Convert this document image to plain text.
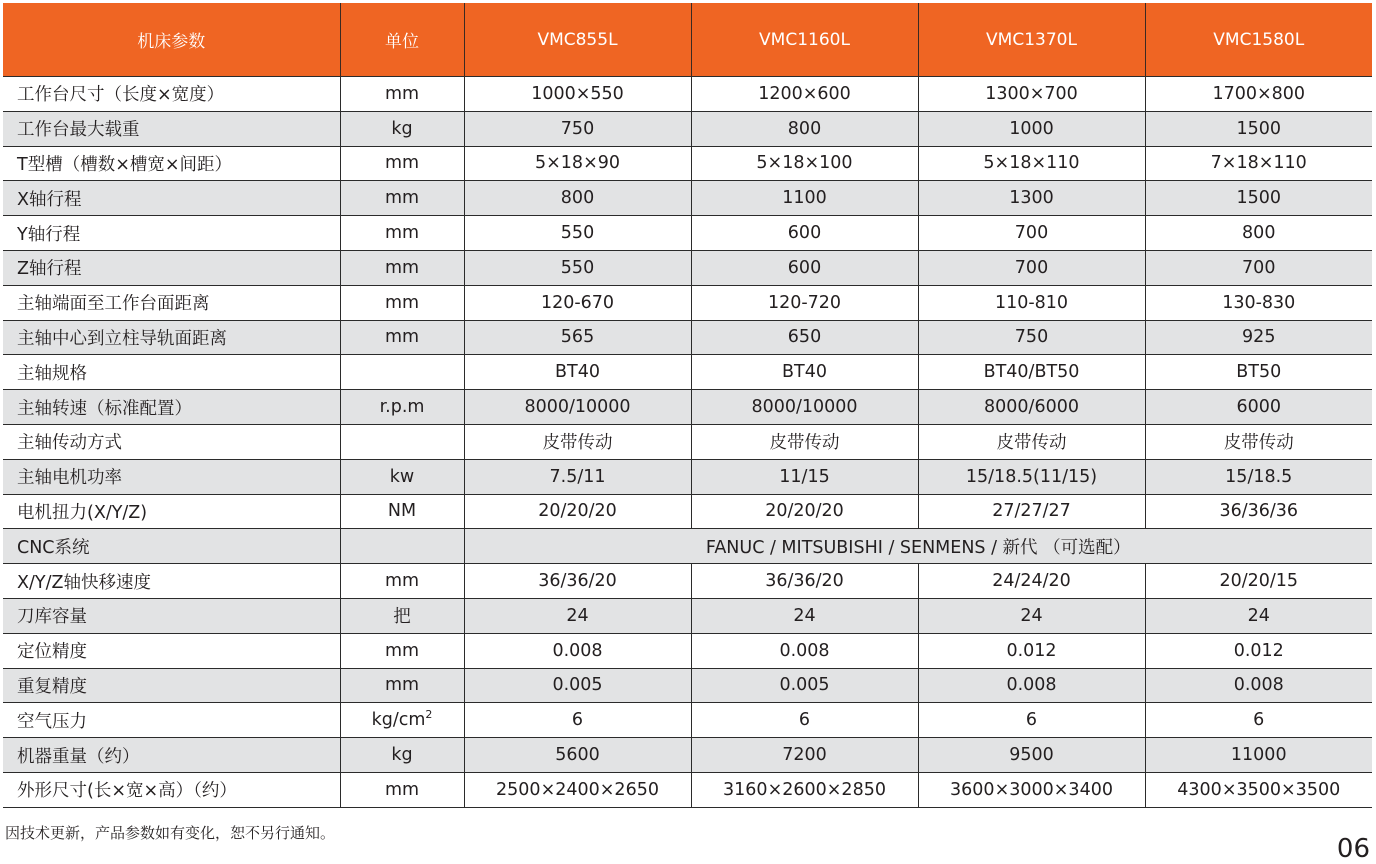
机床参数	单位	VMC855L	VMC1160L	VMC1370L	VMC1580L
工作台尺寸（长度×宽度）	mm	1000×550	1200×600	1300×700	1700×800
工作台最大载重	kg	750	800	1000	1500
T型槽（槽数×槽宽×间距）	mm	5×18×90	5×18×100	5×18×110	7×18×110
X轴行程	mm	800	1100	1300	1500
Y轴行程	mm	550	600	700	800
Z轴行程	mm	550	600	700	700
主轴端面至工作台面距离	mm	120-670	120-720	110-810	130-830
主轴中心到立柱导轨面距离	mm	565	650	750	925
主轴规格		BT40	BT40	BT40/BT50	BT50
主轴转速（标准配置）	r.p.m	8000/10000	8000/10000	8000/6000	6000
主轴传动方式		皮带传动	皮带传动	皮带传动	皮带传动
主轴电机功率	kw	7.5/11	11/15	15/18.5(11/15)	15/18.5
电机扭力(X/Y/Z)	NM	20/20/20	20/20/20	27/27/27	36/36/36
CNC系统		FANUC / MITSUBISHI / SENMENS / 新代 （可选配）			
X/Y/Z轴快移速度	mm	36/36/20	36/36/20	24/24/20	20/20/15
刀库容量	把	24	24	24	24
定位精度	mm	0.008	0.008	0.012	0.012
重复精度	mm	0.005	0.005	0.008	0.008
空气压力	$kg/cm^2$	6	6	6	6
机器重量（约）	kg	5600	7200	9500	11000
外形尺寸(长×宽×高）（约）	mm	2500×2400×2650	3160×2600×2850	3600×3000×3400	4300×3500×3500
因技术更新，产品参数如有变化，恕不另行通知。
06
